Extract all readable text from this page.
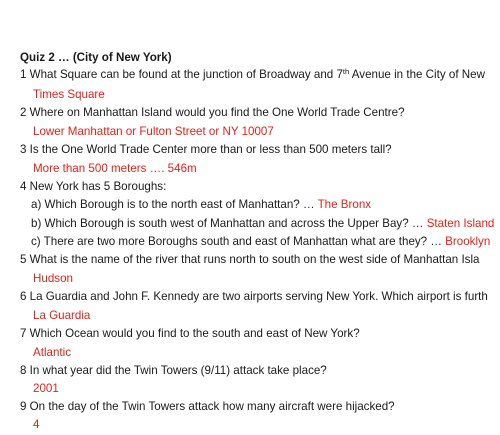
Quiz 2 … (City of New York)
1 What Square can be found at the junction of Broadway and 7th Avenue in the City of New
Times Square
2 Where on Manhattan Island would you find the One World Trade Centre?
Lower Manhattan or Fulton Street or NY 10007
3 Is the One World Trade Center more than or less than 500 meters tall?
More than 500 meters …. 546m
4 New York has 5 Boroughs:
a) Which Borough is to the north east of Manhattan? … The Bronx
b) Which Borough is south west of Manhattan and across the Upper Bay? … Staten Island
c) There are two more Boroughs south and east of Manhattan what are they? … Brooklyn
5 What is the name of the river that runs north to south on the west side of Manhattan Isla
Hudson
6 La Guardia and John F. Kennedy are two airports serving New York. Which airport is furth
La Guardia
7 Which Ocean would you find to the south and east of New York?
Atlantic
8 In what year did the Twin Towers (9/11) attack take place?
2001
9 On the day of the Twin Towers attack how many aircraft were hijacked?
4
